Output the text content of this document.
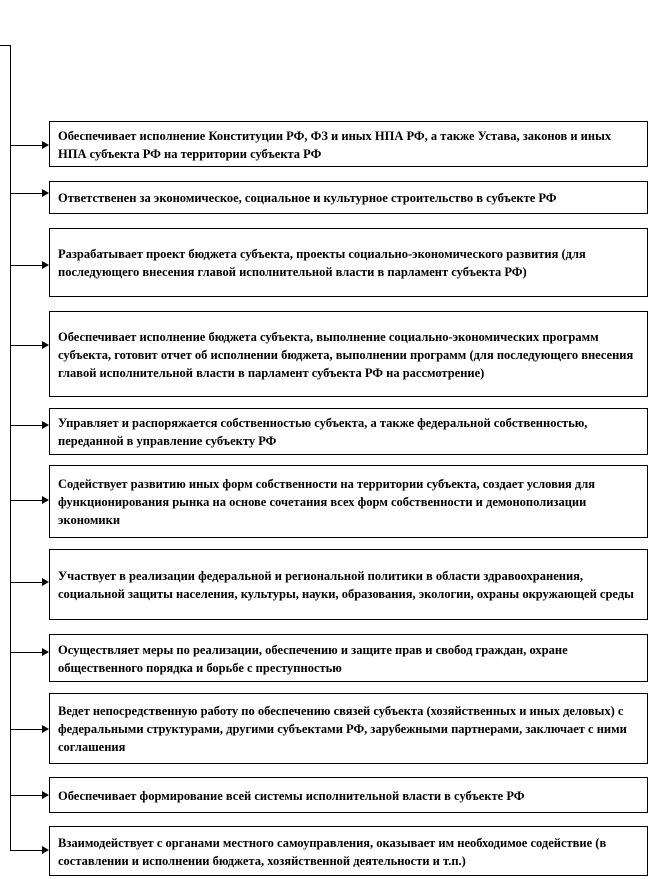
Обеспечивает исполнение Конституции РФ, ФЗ и иных НПА РФ, а также Устава, законов и иных НПА субъекта РФ на территории субъекта РФ
Ответственен за экономическое, социальное и культурное строительство в субъекте РФ
Разрабатывает проект бюджета субъекта, проекты социально-экономического развития (для последующего внесения главой исполнительной власти в парламент субъекта РФ)
Обеспечивает исполнение бюджета субъекта, выполнение социально-экономических программ субъекта, готовит отчет об исполнении бюджета, выполнении программ (для последующего внесения главой исполнительной власти в парламент субъекта РФ на рассмотрение)
Управляет и распоряжается собственностью субъекта, а также федеральной собственностью, переданной в управление субъекту РФ
Содействует развитию иных форм собственности на территории субъекта, создает условия для функционирования рынка на основе сочетания всех форм собственности и демонополизации экономики
Участвует в реализации федеральной и региональной политики в области здравоохранения, социальной защиты населения, культуры, науки, образования, экологии, охраны окружающей среды
Осуществляет меры по реализации, обеспечению и защите прав и свобод граждан, охране общественного порядка и борьбе с преступностью
Ведет непосредственную работу по обеспечению связей субъекта (хозяйственных и иных деловых) с федеральными структурами, другими субъектами РФ, зарубежными партнерами, заключает с ними соглашения
Обеспечивает формирование всей системы исполнительной власти в субъекте РФ
Взаимодействует с органами местного самоуправления, оказывает им необходимое содействие (в составлении и исполнении бюджета, хозяйственной деятельности и т.п.)
